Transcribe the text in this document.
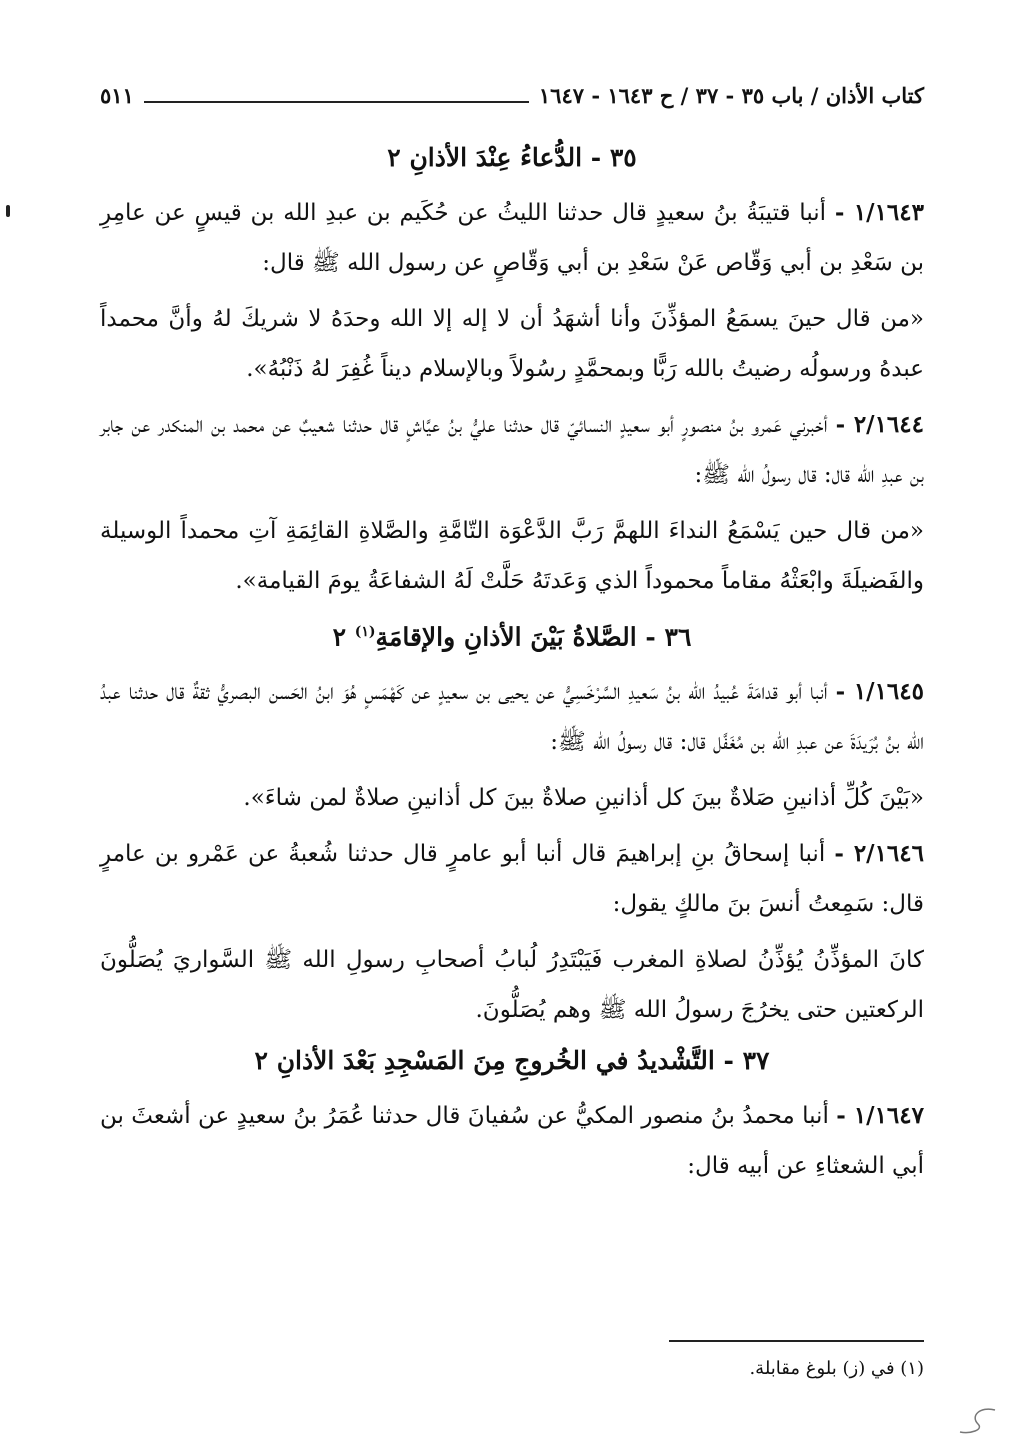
كتاب الأذان / باب ٣٥ - ٣٧ / ح ١٦٤٣ - ١٦٤٧
٥١١
٣٥ - الدُّعاءُ عِنْدَ الأذانِ ٢

١/١٦٤٣ - أنبا قتيبَةُ بنُ سعيدٍ قال حدثنا الليثُ عن حُكَيم بن عبدِ الله بن قيسٍ عن عامِرِ بن سَعْدِ بن أبي وَقّاص عَنْ سَعْدِ بن أبي وَقّاصٍ عن رسول الله ﷺ قال:

«من قال حينَ يسمَعُ المؤذِّنَ وأنا أشهَدُ أن لا إله إلا الله وحدَهُ لا شريكَ لهُ وأنَّ محمداً عبدهُ ورسولُه رضيتُ بالله رَبًّا وبمحمَّدٍ رسُولاً وبالإسلام ديناً غُفِرَ لهُ ذَنْبُهُ».

٢/١٦٤٤ - أخبرني عَمرو بنُ منصورٍ أبو سعيدٍ النسائيّ قال حدثنا عليُّ بنُ عيَّاشٍ قال حدثنا شعيبٌ عن محمد بن المنكدر عن جابر بن عبدِ الله قال: قال رسولُ الله ﷺ:

«من قال حين يَسْمَعُ النداءَ اللهمَّ رَبَّ الدَّعْوَة التّامَّةِ والصَّلاةِ القائِمَةِ آتِ محمداً الوسيلة والفَضيلَةَ وابْعَثْهُ مقاماً محموداً الذي وَعَدتَهُ حَلَّتْ لَهُ الشفاعَةُ يومَ القيامة».

٣٦ - الصَّلاةُ بَيْنَ الأذانِ والإقامَةِ$^{(١)}$ ٢

١/١٦٤٥ - أنبا أبو قدامَةَ عُبيدُ الله بنُ سَعيدِ السَّرْخَسِيُّ عن يحيى بن سعيدٍ عن كَهْمَسٍ هُوَ ابنُ الحَسن البصريُّ ثقةٌ قال حدثنا عبدُ الله بنُ بُرَيدَةَ عن عبدِ الله بن مُغَفَّل قال: قال رسولُ الله ﷺ:

«بَيْنَ كُلِّ أذانينِ صَلاةٌ بينَ كل أذانينِ صلاةٌ بينَ كل أذانينِ صلاةٌ لمن شاءَ».

٢/١٦٤٦ - أنبا إسحاقُ بنِ إبراهيمَ قال أنبا أبو عامرٍ قال حدثنا شُعبةُ عن عَمْرو بن عامرٍ قال: سَمِعتُ أنسَ بنَ مالكٍ يقول:

كانَ المؤذِّنُ يُؤذِّنُ لصلاةِ المغرب فَيَبْتَدِرُ لُبابُ أصحابِ رسولِ الله ﷺ السَّواريَ يُصَلُّونَ الركعتين حتى يخرُجَ رسولُ الله ﷺ وهم يُصَلُّونَ.

٣٧ - التَّشْديدُ في الخُروجِ مِنَ المَسْجِدِ بَعْدَ الأذانِ ٢

١/١٦٤٧ - أنبا محمدُ بنُ منصور المكيُّ عن سُفيانَ قال حدثنا عُمَرُ بنُ سعيدٍ عن أشعثَ بن أبي الشعثاءِ عن أبيه قال:

(١) في (ز) بلوغ مقابلة.
